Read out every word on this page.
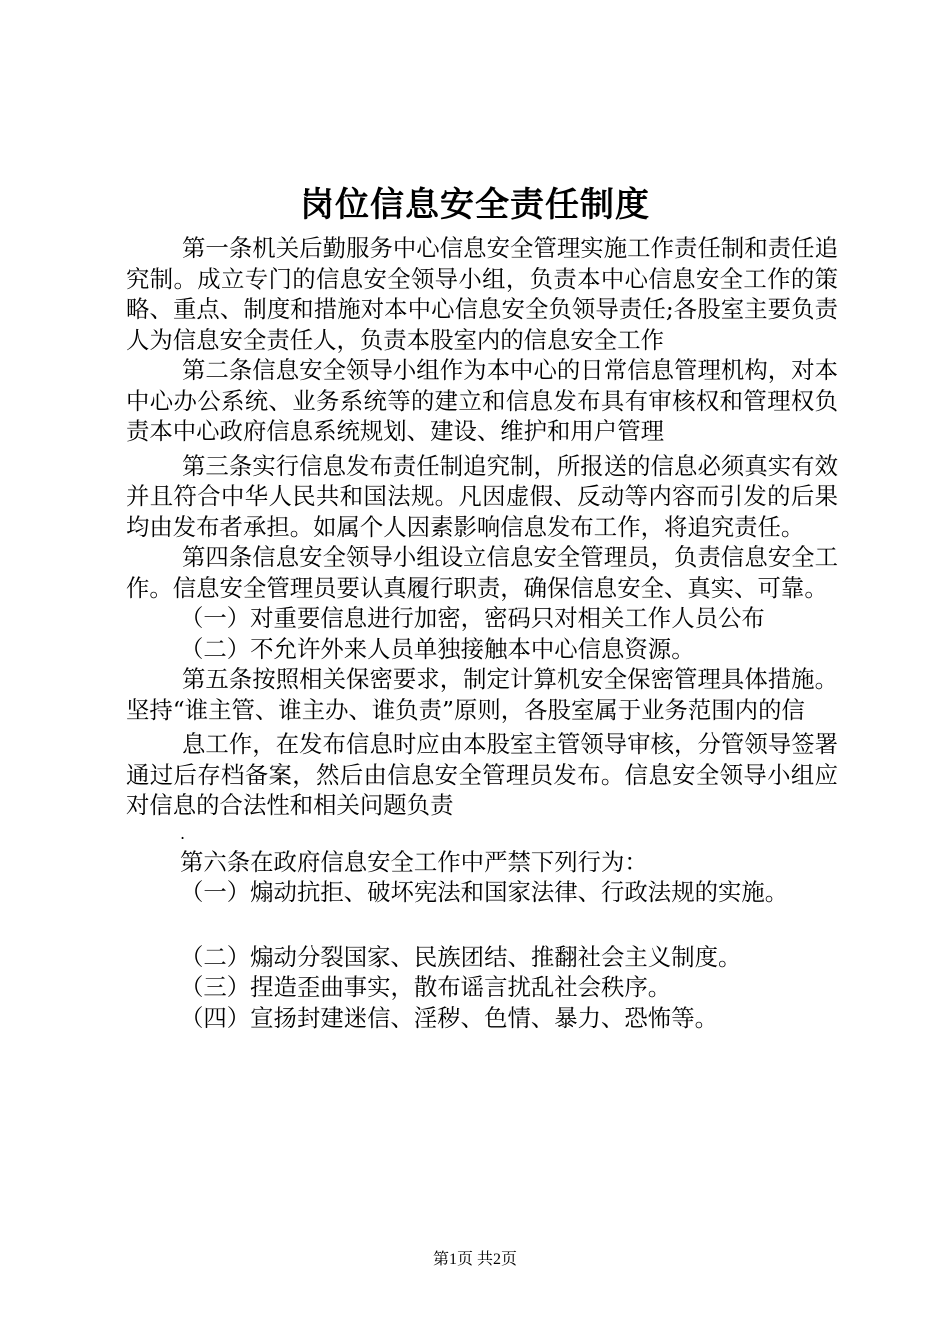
岗位信息安全责任制度

第一条机关后勤服务中心信息安全管理实施工作责任制和责任追究制。成立专门的信息安全领导小组，负责本中心信息安全工作的策略、重点、制度和措施对本中心信息安全负领导责任;各股室主要负责人为信息安全责任人，负责本股室内的信息安全工作

第二条信息安全领导小组作为本中心的日常信息管理机构，对本中心办公系统、业务系统等的建立和信息发布具有审核权和管理权负责本中心政府信息系统规划、建设、维护和用户管理

第三条实行信息发布责任制追究制，所报送的信息必须真实有效并且符合中华人民共和国法规。凡因虚假、反动等内容而引发的后果均由发布者承担。如属个人因素影响信息发布工作，将追究责任。

第四条信息安全领导小组设立信息安全管理员，负责信息安全工作。信息安全管理员要认真履行职责，确保信息安全、真实、可靠。

（一）对重要信息进行加密，密码只对相关工作人员公布

（二）不允许外来人员单独接触本中心信息资源。

第五条按照相关保密要求，制定计算机安全保密管理具体措施。坚持“谁主管、谁主办、谁负责”原则，各股室属于业务范围内的信

息工作，在发布信息时应由本股室主管领导审核，分管领导签署通过后存档备案，然后由信息安全管理员发布。信息安全领导小组应对信息的合法性和相关问题负责

.

第六条在政府信息安全工作中严禁下列行为：

（一）煽动抗拒、破坏宪法和国家法律、行政法规的实施。

（二）煽动分裂国家、民族团结、推翻社会主义制度。

（三）捏造歪曲事实，散布谣言扰乱社会秩序。

（四）宣扬封建迷信、淫秽、色情、暴力、恐怖等。

第1页 共2页
